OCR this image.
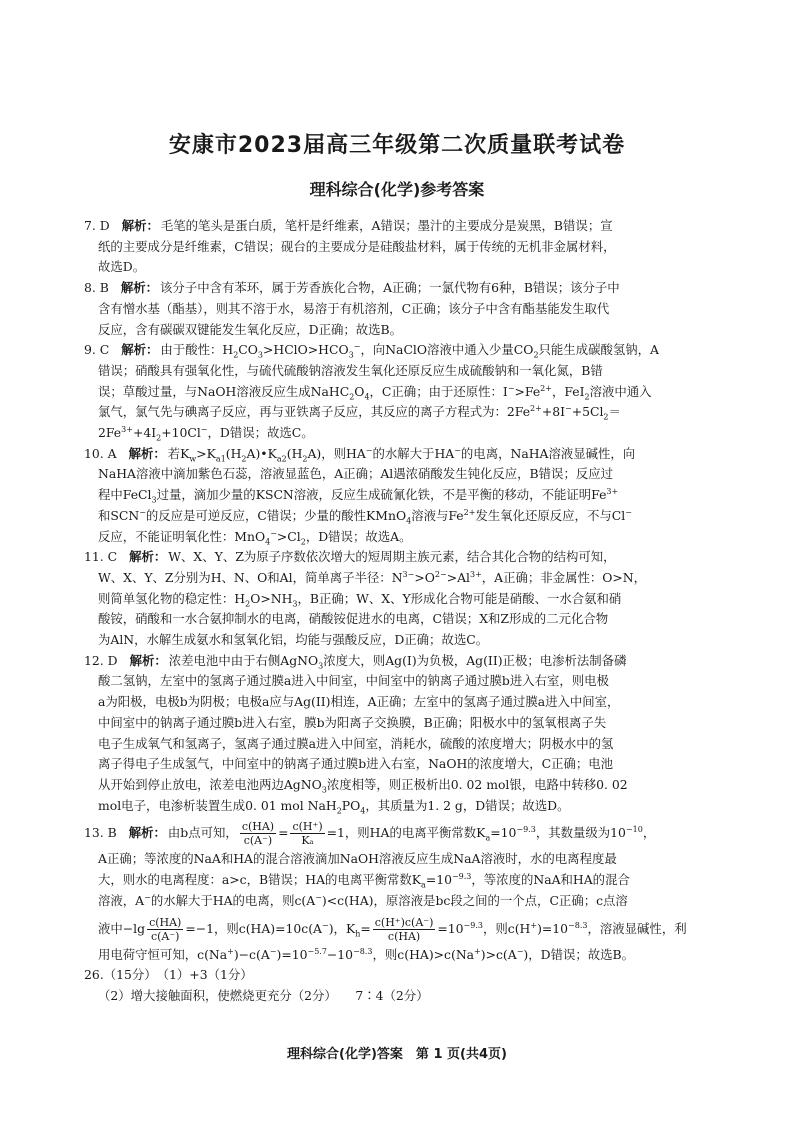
安康市2023届高三年级第二次质量联考试卷
理科综合(化学)参考答案
7. D 解析： 毛笔的笔头是蛋白质，笔杆是纤维素，A错误；墨汁的主要成分是炭黑，B错误；宣
纸的主要成分是纤维素，C错误；砚台的主要成分是硅酸盐材料，属于传统的无机非金属材料，
故选D。
8. B 解析： 该分子中含有苯环，属于芳香族化合物，A正确；一氯代物有6种，B错误；该分子中
含有憎水基（酯基），则其不溶于水，易溶于有机溶剂，C正确；该分子中含有酯基能发生取代
反应，含有碳碳双键能发生氧化反应，D正确；故选B。
9. C 解析： 由于酸性：$H_2CO_3>HClO>HCO_3^-$，向NaClO溶液中通入少量$CO_2$只能生成碳酸氢钠，A
错误；硝酸具有强氧化性，与硫代硫酸钠溶液发生氧化还原反应生成硫酸钠和一氧化氮，B错
误；草酸过量，与NaOH溶液反应生成$NaHC_2O_4$，C正确；由于还原性：$I^->Fe^{2+}$，FeI$_2$溶液中通入
氯气，氯气先与碘离子反应，再与亚铁离子反应，其反应的离子方程式为：$2Fe^{2+}+8I^-+5Cl_2=$
$2Fe^{3+}+4I_2+10Cl^-$，D错误；故选C。
10. A 解析： 若$K_w>K_{a1}(H_2A)•K_{a2}(H_2A)$，则HA−的水解大于HA−的电离，NaHA溶液显碱性，向
NaHA溶液中滴加紫色石蕊，溶液显蓝色，A正确；Al遇浓硝酸发生钝化反应，B错误；反应过
程中FeCl$_3$过量，滴加少量的KSCN溶液，反应生成硫氰化铁，不是平衡的移动，不能证明$Fe^{3+}$
和SCN−的反应是可逆反应，C错误；少量的酸性KMnO$_4$溶液与$Fe^{2+}$发生氧化还原反应，不与Cl−
反应，不能证明氧化性：$MnO_4^->Cl_2$，D错误；故选A。
11. C 解析： W、X、Y、Z为原子序数依次增大的短周期主族元素，结合其化合物的结构可知，
W、X、Y、Z分别为H、N、O和Al，简单离子半径：$N^{3-}>O^{2-}>Al^{3+}$，A正确；非金属性：O>N，
则简单氢化物的稳定性：$H_2O>NH_3$，B正确；W、X、Y形成化合物可能是硝酸、一水合氨和硝
酸铵，硝酸和一水合氨抑制水的电离，硝酸铵促进水的电离，C错误；X和Z形成的二元化合物
为AlN，水解生成氨水和氢氧化铝，均能与强酸反应，D正确；故选C。
12. D 解析： 浓差电池中由于右侧AgNO$_3$浓度大，则Ag(I)为负极，Ag(II)正极；电渗析法制备磷
酸二氢钠，左室中的氢离子通过膜a进入中间室，中间室中的钠离子通过膜b进入右室，则电极
a为阳极，电极b为阴极；电极a应与Ag(II)相连，A正确；左室中的氢离子通过膜a进入中间室，
中间室中的钠离子通过膜b进入右室，膜b为阳离子交换膜，B正确；阳极水中的氢氧根离子失
电子生成氧气和氢离子，氢离子通过膜a进入中间室，消耗水，硫酸的浓度增大；阴极水中的氢
离子得电子生成氢气，中间室中的钠离子通过膜b进入右室，NaOH的浓度增大，C正确；电池
从开始到停止放电，浓差电池两边AgNO$_3$浓度相等，则正极析出0. 02 mol银，电路中转移0. 02
mol电子，电渗析装置生成0. 01 mol $NaH_2PO_4$，其质量为1. 2 g，D错误；故选D。
13. B 解析： 由b点可知， $\frac{c(HA)}{c(A^-)} = \frac{c(H^+)}{\text{Kₐ}} =1$，则HA的电离平衡常数$K_a=10^{-9.3}$，其数量级为$10^{-10}$，
A正确；等浓度的NaA和HA的混合溶液滴加NaOH溶液反应生成NaA溶液时，水的电离程度最
大，则水的电离程度：a>c，B错误；HA的电离平衡常数$K_a=10^{-9.3}$，等浓度的NaA和HA的混合
溶液，A−的水解大于HA的电离，则c(A−)<c(HA)，原溶液是bc段之间的一个点，C正确；c点溶
液中$-\lg \frac{c(HA)}{c(A^-)} =-1$，则c(HA)=10c(A−)，$K_h= \frac{c(H^+)c(A^-)}{c(HA)} =10^{-9.3}$，则$c(H^+)=10^{-8.3}$，溶液显碱性，利
用电荷守恒可知，$c(Na^+)-c(A^-)=10^{-5.7}-10^{-8.3}$，则c(HA)>c(Na+)>c(A−)，D错误；故选B。
26.（15分）　（1）+3（1分）
（2）增大接触面积，使燃烧更充分（2分）　　7∶4（2分）
理科综合(化学)答案　第 1 页(共4页)
